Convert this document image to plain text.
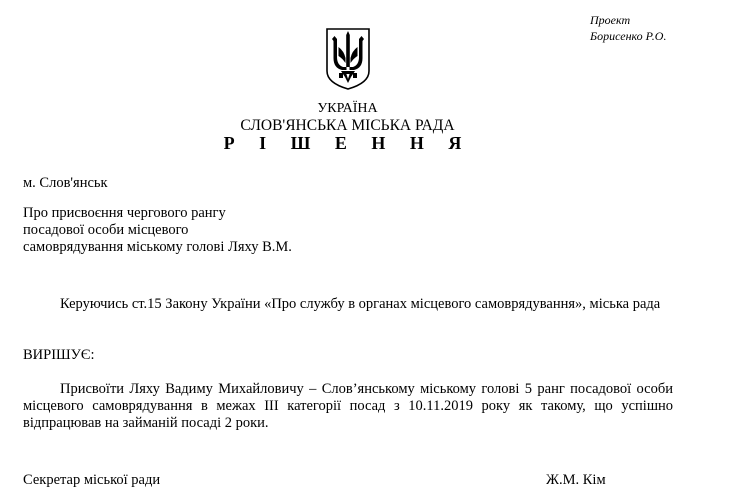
Проект
Борисенко Р.О.
УКРАЇНА
СЛОВ'ЯНСЬКА МІСЬКА РАДА
Р І Ш Е Н Н Я
м. Слов'янськ
Про присвоєння чергового рангу
посадової особи місцевого
самоврядування міському голові Ляху В.М.
Керуючись ст.15 Закону України «Про службу в органах місцевого самоврядування», міська рада
ВИРІШУЄ:
Присвоїти Ляху Вадиму Михайловичу – Слов’янському міському голові 5 ранг посадової особи місцевого самоврядування в межах ІІІ категорії посад з 10.11.2019 року як такому, що успішно відпрацював на займаній посаді 2 роки.
Секретар міської ради	Ж.М. Кім
